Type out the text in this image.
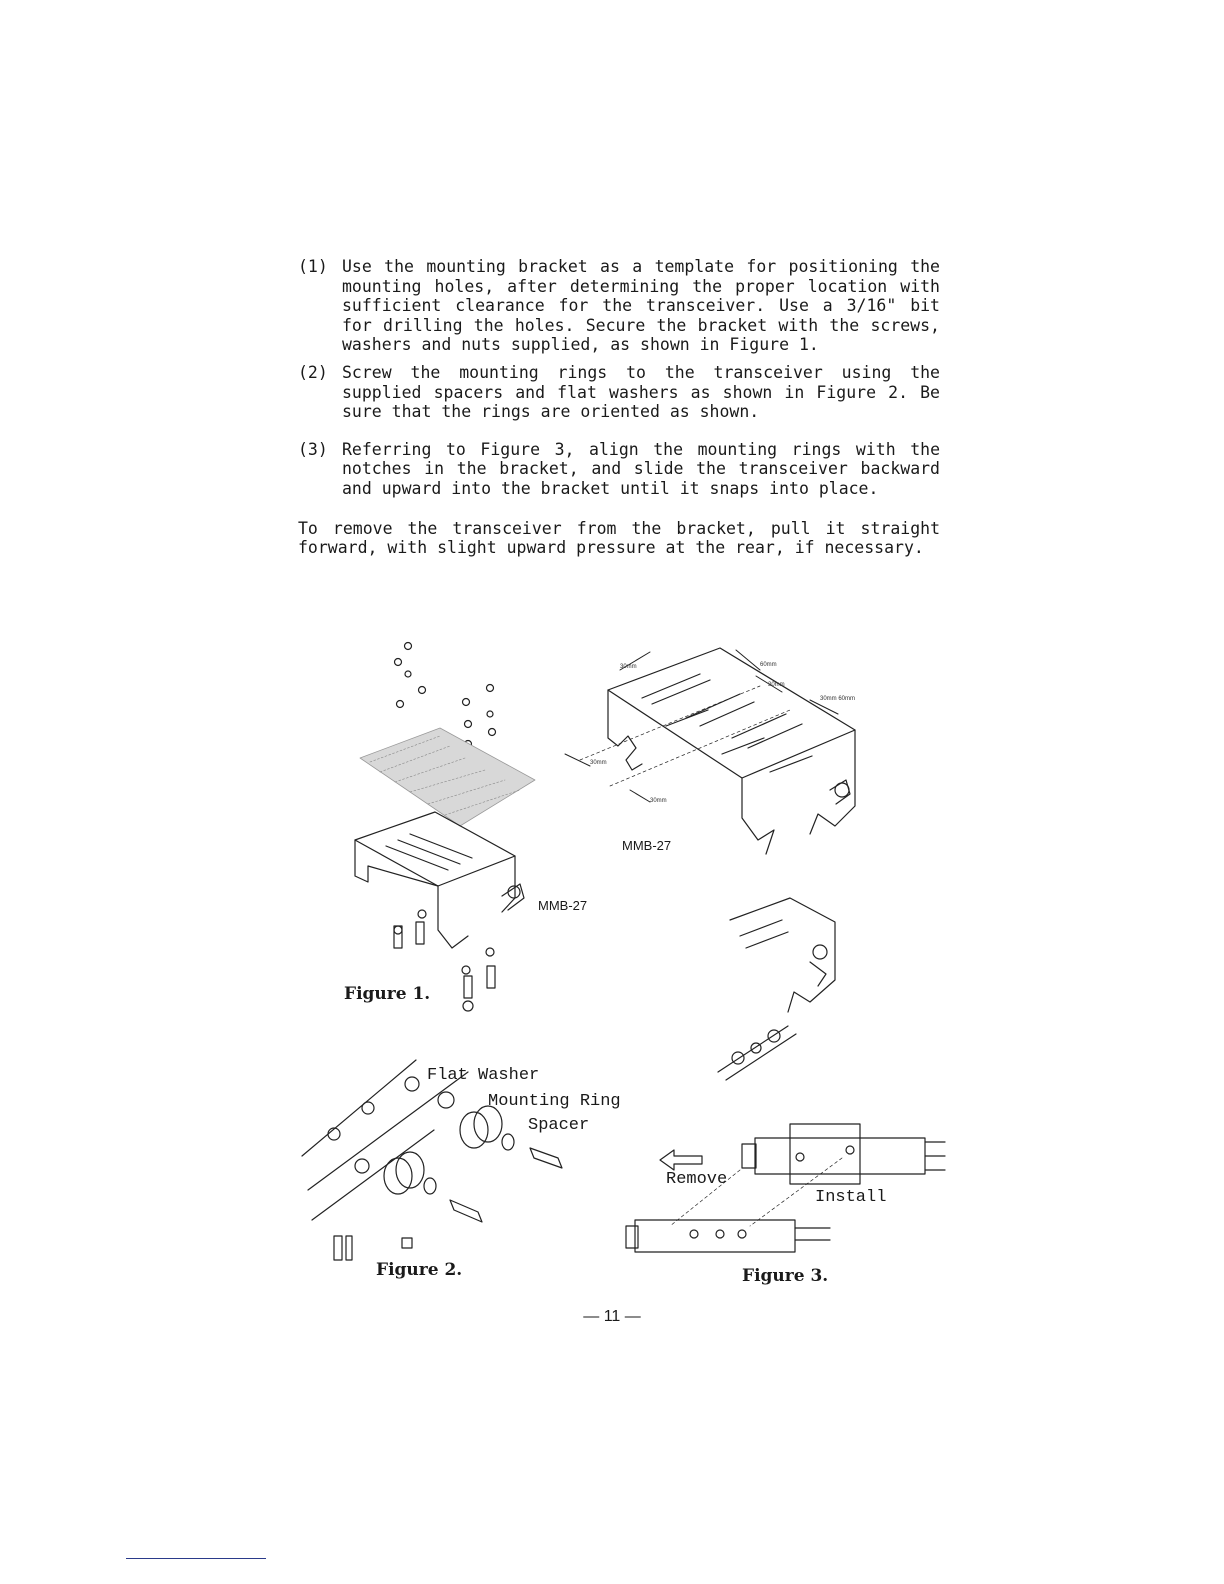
(1) Use the mounting bracket as a template for positioning the mounting holes, after determining the proper location with sufficient clearance for the transceiver. Use a 3/16" bit for drilling the holes. Secure the bracket with the screws, washers and nuts supplied, as shown in Figure 1.

(2) Screw the mounting rings to the transceiver using the supplied spacers and flat washers as shown in Figure 2. Be sure that the rings are oriented as shown.

(3) Referring to Figure 3, align the mounting rings with the notches in the bracket, and slide the transceiver backward and upward into the bracket until it snaps into place.

To remove the transceiver from the bracket, pull it straight forward, with slight upward pressure at the rear, if necessary.

30mm	60mm
30mm
30mm 60mm
30mm
30mm
MMB-27
MMB-27
Figure 1.
Flat Washer
Mounting Ring
Spacer
Figure 2.
Remove
Install
Figure 3.
— 11 —
